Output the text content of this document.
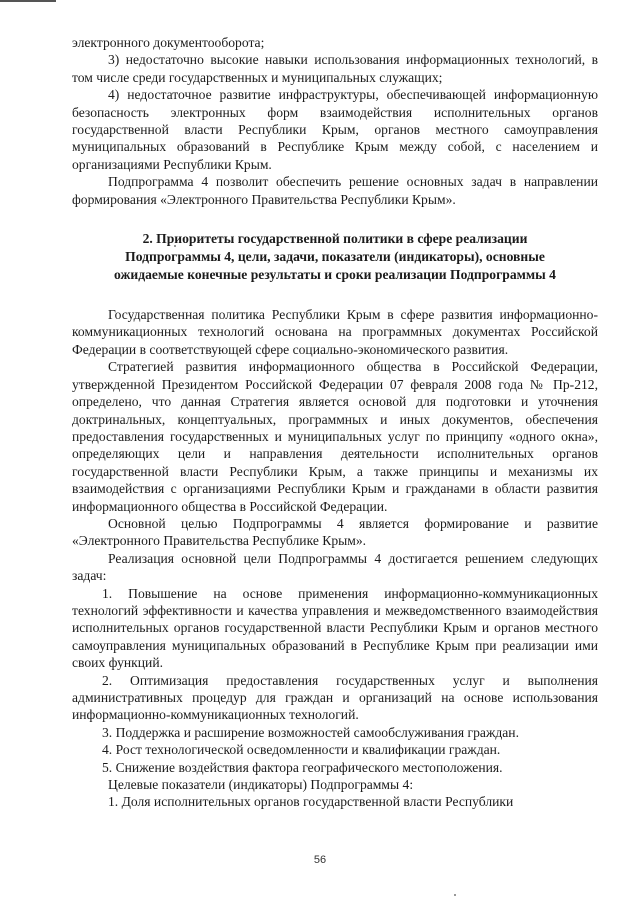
электронного документооборота;

3) недостаточно высокие навыки использования информационных технологий, в том числе среди государственных и муниципальных служащих;

4) недостаточное развитие инфраструктуры, обеспечивающей информационную безопасность электронных форм взаимодействия исполнительных органов государственной власти Республики Крым, органов местного самоуправления муниципальных образований в Республике Крым между собой, с населением и организациями Республики Крым.

Подпрограмма 4 позволит обеспечить решение основных задач в направлении формирования «Электронного Правительства Республики Крым».

2. Приоритеты государственной политики в сфере реализации
Подпрограммы 4, цели, задачи, показатели (индикаторы), основные
ожидаемые конечные результаты и сроки реализации Подпрограммы 4

Государственная политика Республики Крым в сфере развития информационно-коммуникационных технологий основана на программных документах Российской Федерации в соответствующей сфере социально-экономического развития.

Стратегией развития информационного общества в Российской Федерации, утвержденной Президентом Российской Федерации 07 февраля 2008 года № Пр-212, определено, что данная Стратегия является основой для подготовки и уточнения доктринальных, концептуальных, программных и иных документов, обеспечения предоставления государственных и муниципальных услуг по принципу «одного окна», определяющих цели и направления деятельности исполнительных органов государственной власти Республики Крым, а также принципы и механизмы их взаимодействия с организациями Республики Крым и гражданами в области развития информационного общества в Российской Федерации.

Основной целью Подпрограммы 4 является формирование и развитие «Электронного Правительства Республике Крым».

Реализация основной цели Подпрограммы 4 достигается решением следующих задач:

1. Повышение на основе применения информационно-коммуникационных технологий эффективности и качества управления и межведомственного взаимодействия исполнительных органов государственной власти Республики Крым и органов местного самоуправления муниципальных образований в Республике Крым при реализации ими своих функций.

2. Оптимизация предоставления государственных услуг и выполнения административных процедур для граждан и организаций на основе использования информационно-коммуникационных технологий.

3. Поддержка и расширение возможностей самообслуживания граждан.

4. Рост технологической осведомленности и квалификации граждан.

5. Снижение воздействия фактора географического местоположения.

Целевые показатели (индикаторы) Подпрограммы 4:

1. Доля исполнительных органов государственной власти Республики

56
